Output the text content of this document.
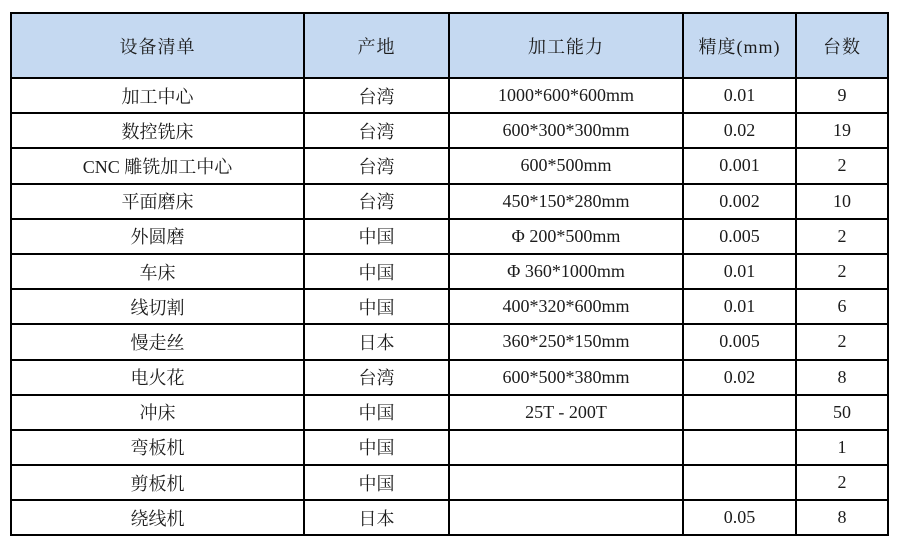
设备清单	产地	加工能力	精度(mm)	台数
加工中心	台湾	1000*600*600mm	0.01	9
数控铣床	台湾	600*300*300mm	0.02	19
CNC 雕铣加工中心	台湾	600*500mm	0.001	2
平面磨床	台湾	450*150*280mm	0.002	10
外圆磨	中国	Φ 200*500mm	0.005	2
车床	中国	Φ 360*1000mm	0.01	2
线切割	中国	400*320*600mm	0.01	6
慢走丝	日本	360*250*150mm	0.005	2
电火花	台湾	600*500*380mm	0.02	8
冲床	中国	25T - 200T		50
弯板机	中国			1
剪板机	中国			2
绕线机	日本		0.05	8
